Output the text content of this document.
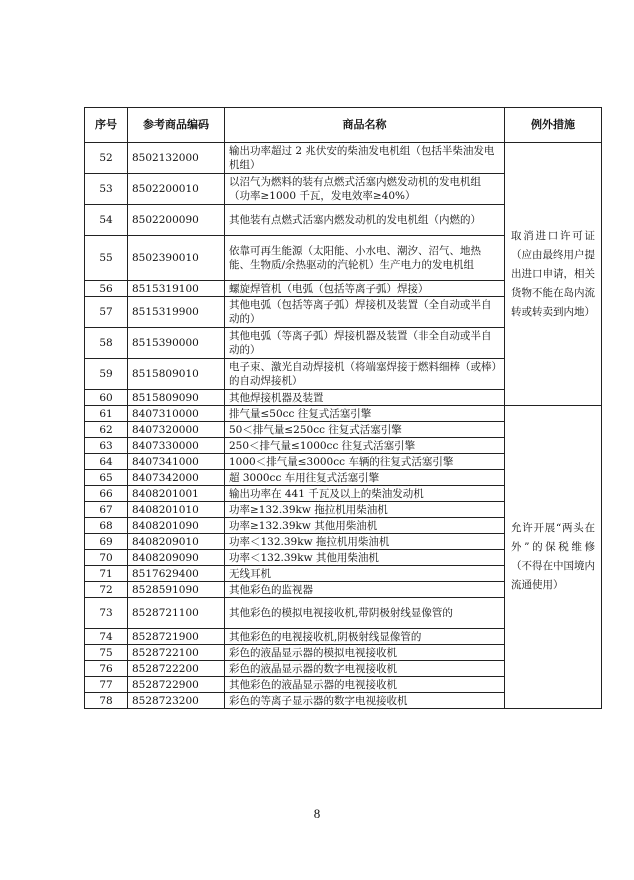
序号	参考商品编码	商品名称	例外措施
52	8502132000	输出功率超过 2 兆伏安的柴油发电机组（包括半柴油发电机组）	取消进口许可证（应由最终用户提出进口申请，相关货物不能在岛内流转或转卖到内地）
53	8502200010	以沼气为燃料的装有点燃式活塞内燃发动机的发电机组（功率≥1000 千瓦，发电效率≥40%）	
54	8502200090	其他装有点燃式活塞内燃发动机的发电机组（内燃的）	
55	8502390010	依靠可再生能源（太阳能、小水电、潮汐、沼气、地热能、生物质/余热驱动的汽轮机）生产电力的发电机组	
56	8515319100	螺旋焊管机（电弧（包括等离子弧）焊接）	
57	8515319900	其他电弧（包括等离子弧）焊接机及装置（全自动或半自动的）	
58	8515390000	其他电弧（等离子弧）焊接机器及装置（非全自动或半自动的）	
59	8515809010	电子束、激光自动焊接机（将端塞焊接于燃料细棒（或棒）的自动焊接机）	
60	8515809090	其他焊接机器及装置	
61	8407310000	排气量≤50cc 往复式活塞引擎	允许开展“两头在外”的保税维修（不得在中国境内流通使用）
62	8407320000	50＜排气量≤250cc 往复式活塞引擎	
63	8407330000	250＜排气量≤1000cc 往复式活塞引擎	
64	8407341000	1000＜排气量≤3000cc 车辆的往复式活塞引擎	
65	8407342000	超 3000cc 车用往复式活塞引擎	
66	8408201001	输出功率在 441 千瓦及以上的柴油发动机	
67	8408201010	功率≥132.39kw 拖拉机用柴油机	
68	8408201090	功率≥132.39kw 其他用柴油机	
69	8408209010	功率＜132.39kw 拖拉机用柴油机	
70	8408209090	功率＜132.39kw 其他用柴油机	
71	8517629400	无线耳机	
72	8528591090	其他彩色的监视器	
73	8528721100	其他彩色的模拟电视接收机,带阴极射线显像管的	
74	8528721900	其他彩色的电视接收机,阴极射线显像管的	
75	8528722100	彩色的液晶显示器的模拟电视接收机	
76	8528722200	彩色的液晶显示器的数字电视接收机	
77	8528722900	其他彩色的液晶显示器的电视接收机	
78	8528723200	彩色的等离子显示器的数字电视接收机	
8
